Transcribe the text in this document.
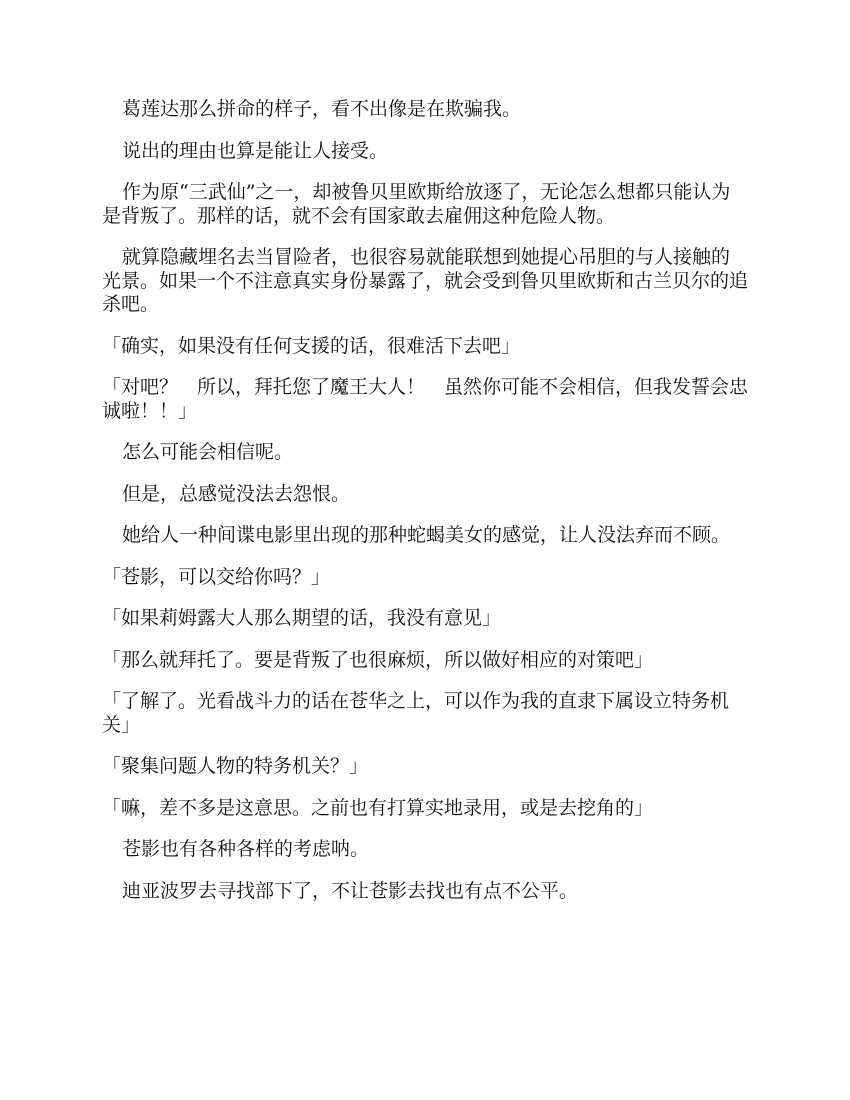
葛莲达那么拼命的样子，看不出像是在欺骗我。

说出的理由也算是能让人接受。

作为原“三武仙”之一，却被鲁贝里欧斯给放逐了，无论怎么想都只能认为是背叛了。那样的话，就不会有国家敢去雇佣这种危险人物。

就算隐藏埋名去当冒险者，也很容易就能联想到她提心吊胆的与人接触的光景。如果一个不注意真实身份暴露了，就会受到鲁贝里欧斯和古兰贝尔的追杀吧。

「确实，如果没有任何支援的话，很难活下去吧」

「对吧？　所以，拜托您了魔王大人！　虽然你可能不会相信，但我发誓会忠诚啦！！」

怎么可能会相信呢。

但是，总感觉没法去怨恨。

她给人一种间谍电影里出现的那种蛇蝎美女的感觉，让人没法弃而不顾。

「苍影，可以交给你吗？」

「如果莉姆露大人那么期望的话，我没有意见」

「那么就拜托了。要是背叛了也很麻烦，所以做好相应的对策吧」

「了解了。光看战斗力的话在苍华之上，可以作为我的直隶下属设立特务机关」

「聚集问题人物的特务机关？」

「嘛，差不多是这意思。之前也有打算实地录用，或是去挖角的」

苍影也有各种各样的考虑呐。

迪亚波罗去寻找部下了，不让苍影去找也有点不公平。
